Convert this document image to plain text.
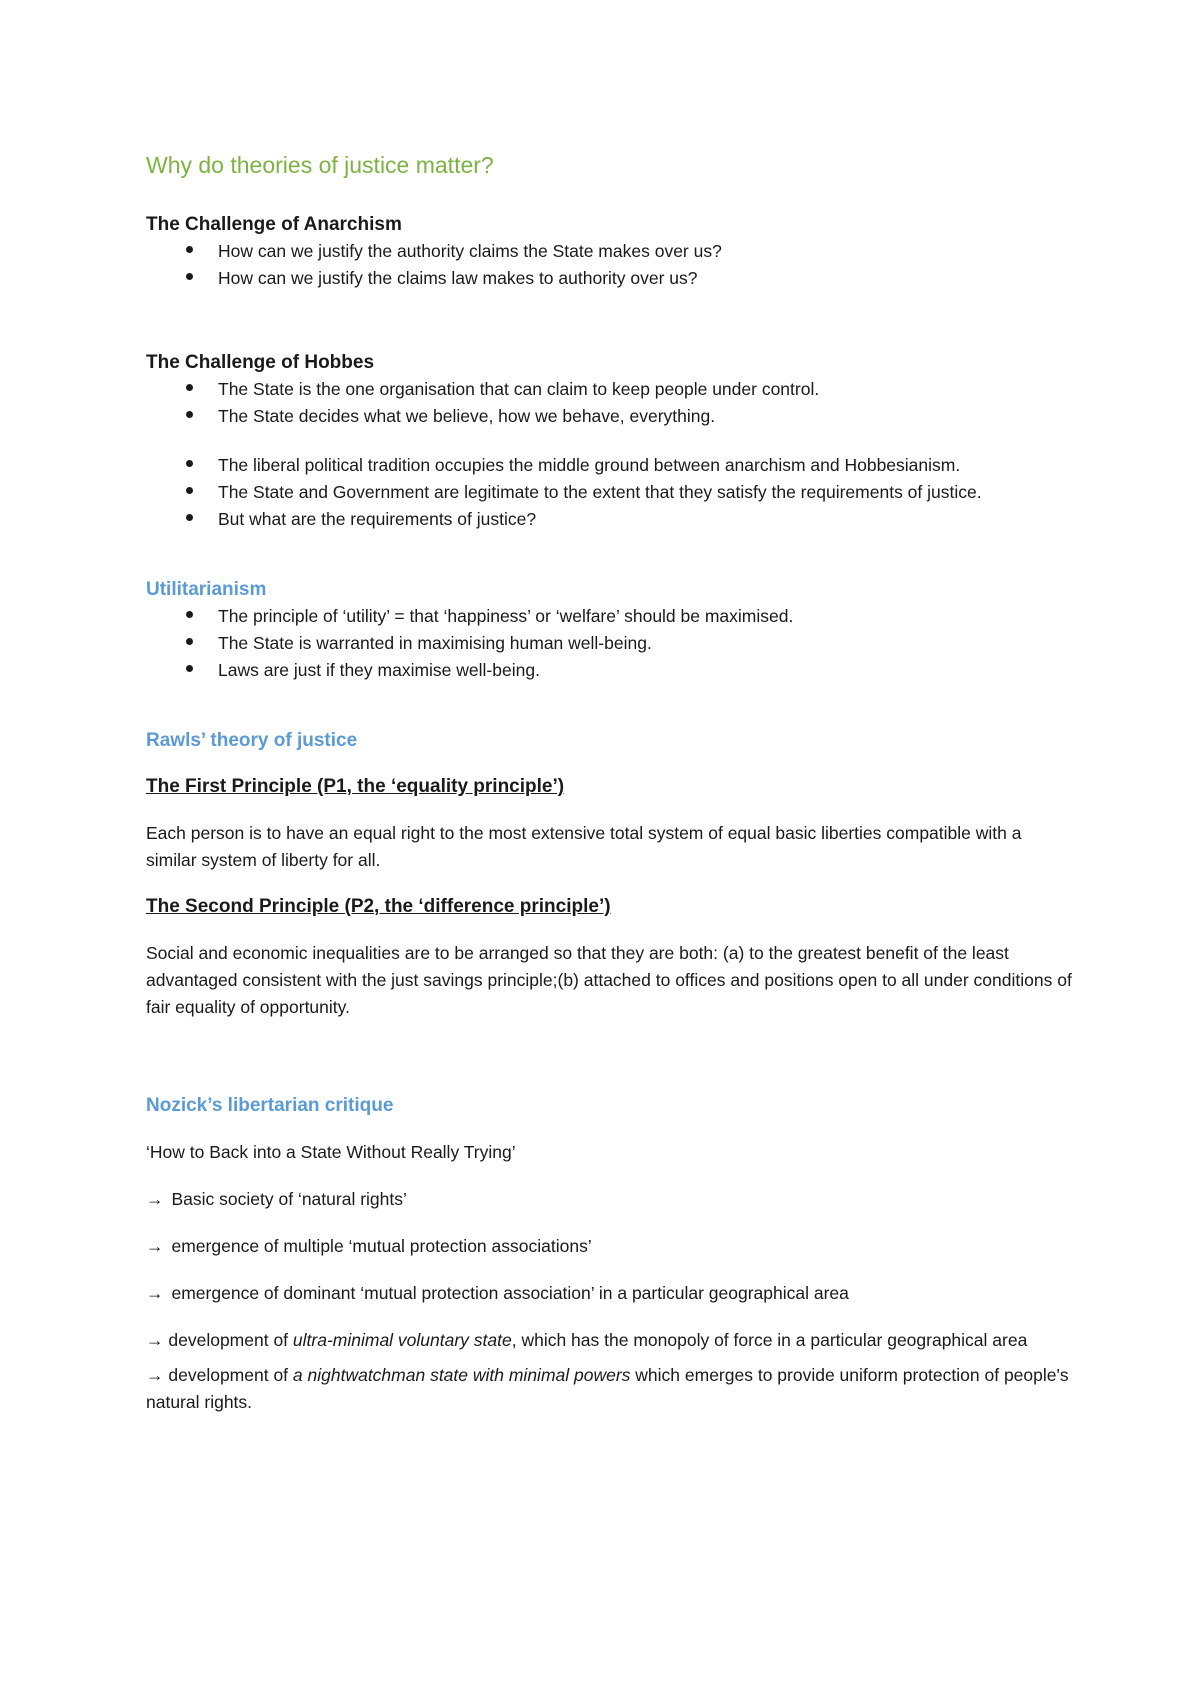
Why do theories of justice matter?
The Challenge of Anarchism
How can we justify the authority claims the State makes over us?
How can we justify the claims law makes to authority over us?
The Challenge of Hobbes
The State is the one organisation that can claim to keep people under control.
The State decides what we believe, how we behave, everything.
The liberal political tradition occupies the middle ground between anarchism and Hobbesianism.
The State and Government are legitimate to the extent that they satisfy the requirements of justice.
But what are the requirements of justice?
Utilitarianism
The principle of ‘utility’ = that ‘happiness’ or ‘welfare’ should be maximised.
The State is warranted in maximising human well-being.
Laws are just if they maximise well-being.
Rawls’ theory of justice
The First Principle (P1, the ‘equality principle’)

Each person is to have an equal right to the most extensive total system of equal basic liberties compatible with a similar system of liberty for all.

The Second Principle (P2, the ‘difference principle’)

Social and economic inequalities are to be arranged so that they are both: (a) to the greatest benefit of the least advantaged consistent with the just savings principle;(b) attached to offices and positions open to all under conditions of fair equality of opportunity.

Nozick’s libertarian critique

‘How to Back into a State Without Really Trying’

→ Basic society of ‘natural rights’

→ emergence of multiple ‘mutual protection associations’

→ emergence of dominant ‘mutual protection association’ in a particular geographical area

→ development of ultra-minimal voluntary state, which has the monopoly of force in a particular geographical area

→ development of a nightwatchman state with minimal powers which emerges to provide uniform protection of people's natural rights.
